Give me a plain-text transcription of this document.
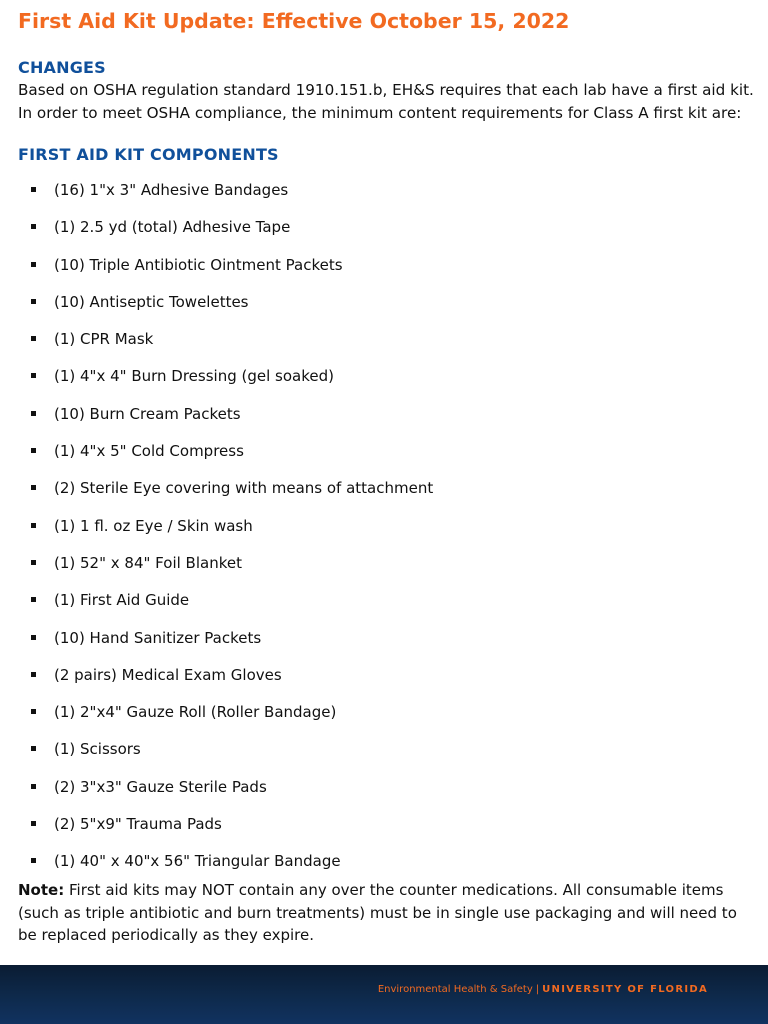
First Aid Kit Update: Effective October 15, 2022
CHANGES

Based on OSHA regulation standard 1910.151.b, EH&S requires that each lab have a first aid kit.

In order to meet OSHA compliance, the minimum content requirements for Class A first kit are:

FIRST AID KIT COMPONENTS
(16) 1"x 3" Adhesive Bandages
(1) 2.5 yd (total) Adhesive Tape
(10) Triple Antibiotic Ointment Packets
(10) Antiseptic Towelettes
(1) CPR Mask
(1) 4"x 4" Burn Dressing (gel soaked)
(10) Burn Cream Packets
(1) 4"x 5" Cold Compress
(2) Sterile Eye covering with means of attachment
(1) 1 fl. oz Eye / Skin wash
(1) 52" x 84" Foil Blanket
(1) First Aid Guide
(10) Hand Sanitizer Packets
(2 pairs) Medical Exam Gloves
(1) 2"x4" Gauze Roll (Roller Bandage)
(1) Scissors
(2) 3"x3" Gauze Sterile Pads
(2) 5"x9" Trauma Pads
(1) 40" x 40"x 56" Triangular Bandage

Note: First aid kits may NOT contain any over the counter medications. All consumable items (such as triple antibiotic and burn treatments) must be in single use packaging and will need to be replaced periodically as they expire.

Environmental Health & Safety | UNIVERSITY OF FLORIDA
